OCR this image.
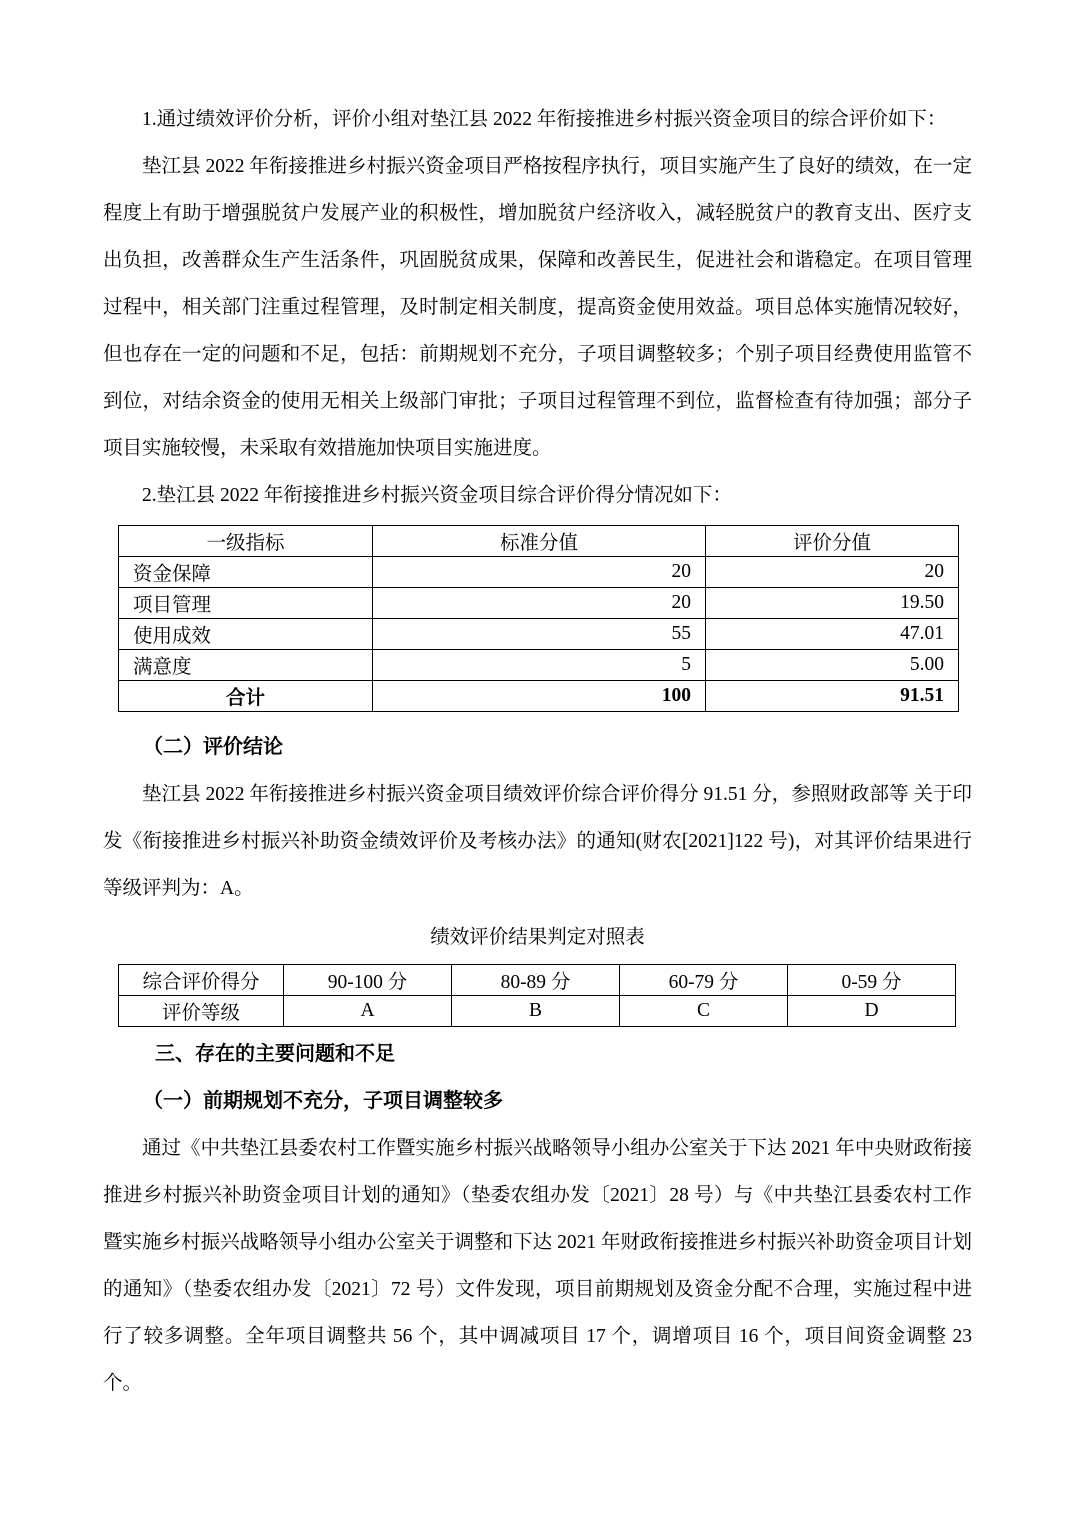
1.通过绩效评价分析，评价小组对垫江县 2022 年衔接推进乡村振兴资金项目的综合评价如下：

垫江县 2022 年衔接推进乡村振兴资金项目严格按程序执行，项目实施产生了良好的绩效，在一定程度上有助于增强脱贫户发展产业的积极性，增加脱贫户经济收入，减轻脱贫户的教育支出、医疗支出负担，改善群众生产生活条件，巩固脱贫成果，保障和改善民生，促进社会和谐稳定。在项目管理过程中，相关部门注重过程管理，及时制定相关制度，提高资金使用效益。项目总体实施情况较好，但也存在一定的问题和不足，包括：前期规划不充分，子项目调整较多；个别子项目经费使用监管不到位，对结余资金的使用无相关上级部门审批；子项目过程管理不到位，监督检查有待加强；部分子项目实施较慢，未采取有效措施加快项目实施进度。

2.垫江县 2022 年衔接推进乡村振兴资金项目综合评价得分情况如下：

一级指标	标准分值	评价分值
资金保障	20	20
项目管理	20	19.50
使用成效	55	47.01
满意度	5	5.00
合计	100	91.51
（二）评价结论

垫江县 2022 年衔接推进乡村振兴资金项目绩效评价综合评价得分 91.51 分，参照财政部等 关于印发《衔接推进乡村振兴补助资金绩效评价及考核办法》的通知(财农[2021]122 号)，对其评价结果进行等级评判为：A。

绩效评价结果判定对照表
综合评价得分	90-100 分	80-89 分	60-79 分	0-59 分
评价等级	A	B	C	D
三、存在的主要问题和不足
（一）前期规划不充分，子项目调整较多

通过《中共垫江县委农村工作暨实施乡村振兴战略领导小组办公室关于下达 2021 年中央财政衔接推进乡村振兴补助资金项目计划的通知》（垫委农组办发〔2021〕28 号）与《中共垫江县委农村工作暨实施乡村振兴战略领导小组办公室关于调整和下达 2021 年财政衔接推进乡村振兴补助资金项目计划的通知》（垫委农组办发〔2021〕72 号）文件发现，项目前期规划及资金分配不合理，实施过程中进行了较多调整。全年项目调整共 56 个，其中调减项目 17 个，调增项目 16 个，项目间资金调整 23 个。
